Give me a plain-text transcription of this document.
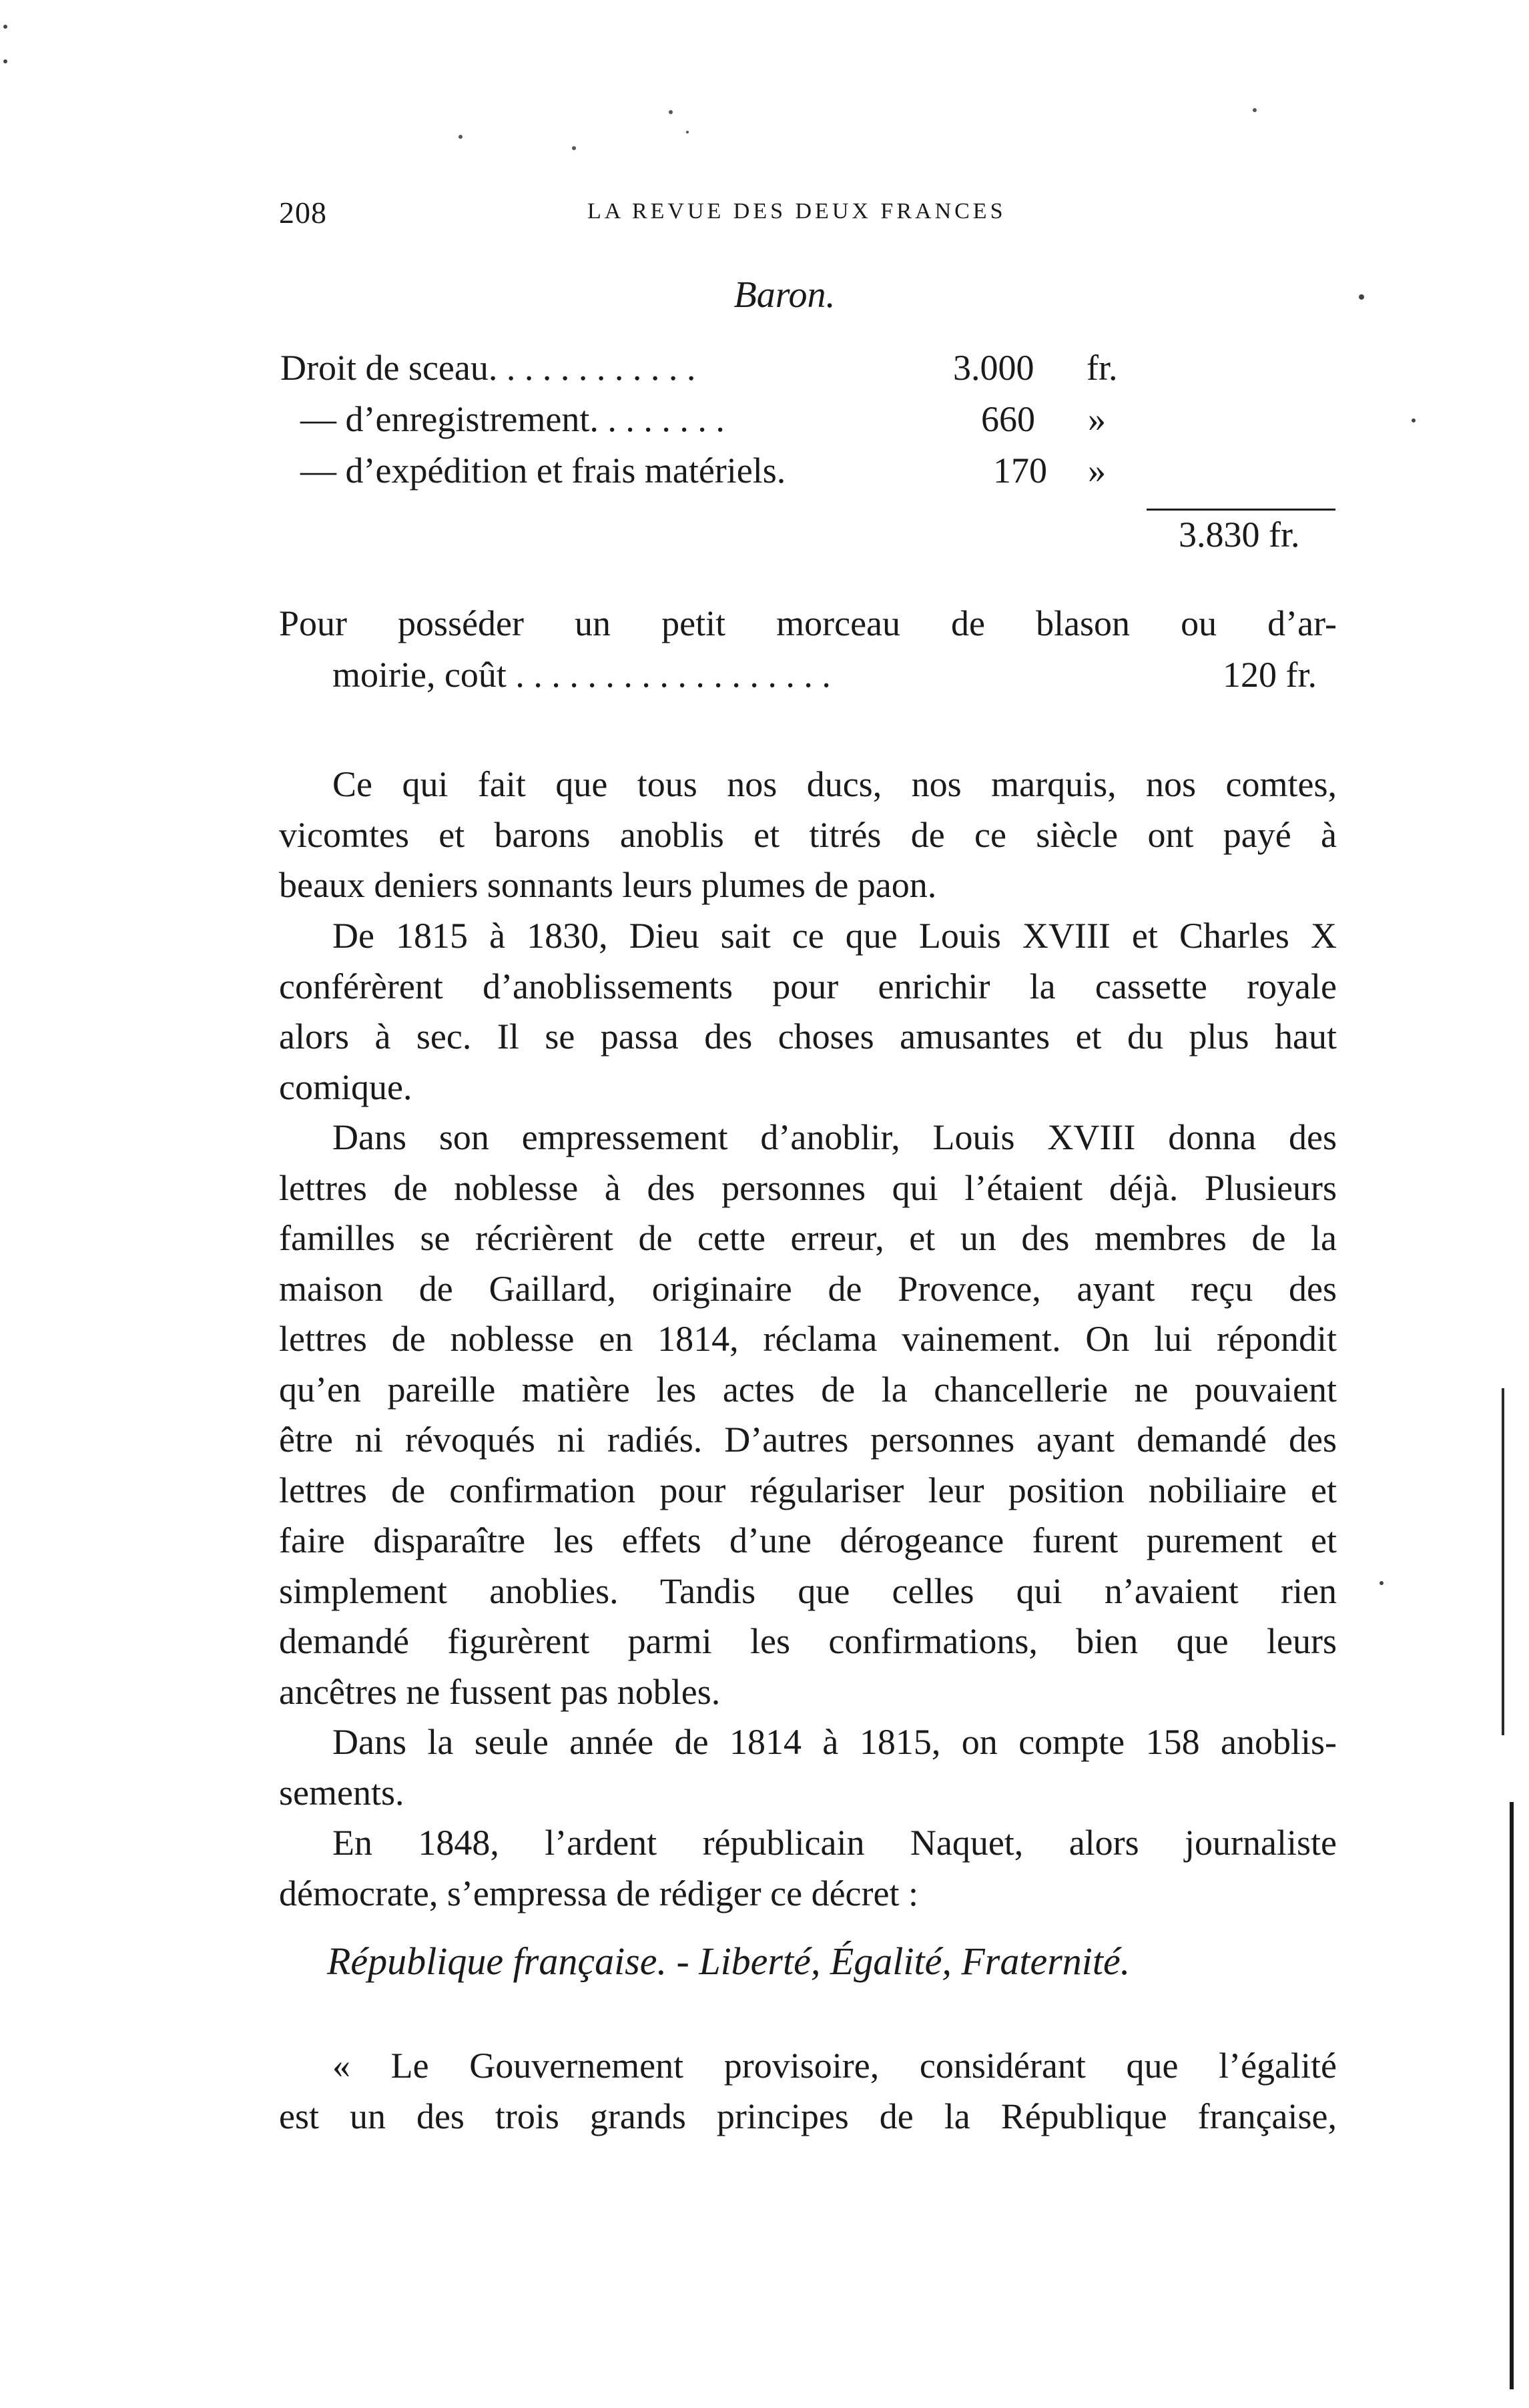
208	LA REVUE DES DEUX FRANCES
Baron.
Droit de sceau. . . . . . . . . . . .	3.000 fr.
— d’enregistrement. . . . . . . .	660 »
— d’expédition et frais matériels.	170 »
3.830 fr.
Pour posséder un petit morceau de blason ou d’ar-
moirie, coût . . . . . . . . . . . . . . . . . .	120 fr.
Ce qui fait que tous nos ducs, nos marquis, nos comtes,
vicomtes et barons anoblis et titrés de ce siècle ont payé à
beaux deniers sonnants leurs plumes de paon.
De 1815 à 1830, Dieu sait ce que Louis XVIII et Charles X
conférèrent d’anoblissements pour enrichir la cassette royale
alors à sec. Il se passa des choses amusantes et du plus haut
comique.
Dans son empressement d’anoblir, Louis XVIII donna des
lettres de noblesse à des personnes qui l’étaient déjà. Plusieurs
familles se récrièrent de cette erreur, et un des membres de la
maison de Gaillard, originaire de Provence, ayant reçu des
lettres de noblesse en 1814, réclama vainement. On lui répondit
qu’en pareille matière les actes de la chancellerie ne pouvaient
être ni révoqués ni radiés. D’autres personnes ayant demandé des
lettres de confirmation pour régulariser leur position nobiliaire et
faire disparaître les effets d’une dérogeance furent purement et
simplement anoblies. Tandis que celles qui n’avaient rien
demandé figurèrent parmi les confirmations, bien que leurs
ancêtres ne fussent pas nobles.
Dans la seule année de 1814 à 1815, on compte 158 anoblis-
sements.
En 1848, l’ardent républicain Naquet, alors journaliste
démocrate, s’empressa de rédiger ce décret :
République française. - Liberté, Égalité, Fraternité.
« Le Gouvernement provisoire, considérant que l’égalité
est un des trois grands principes de la République française,
